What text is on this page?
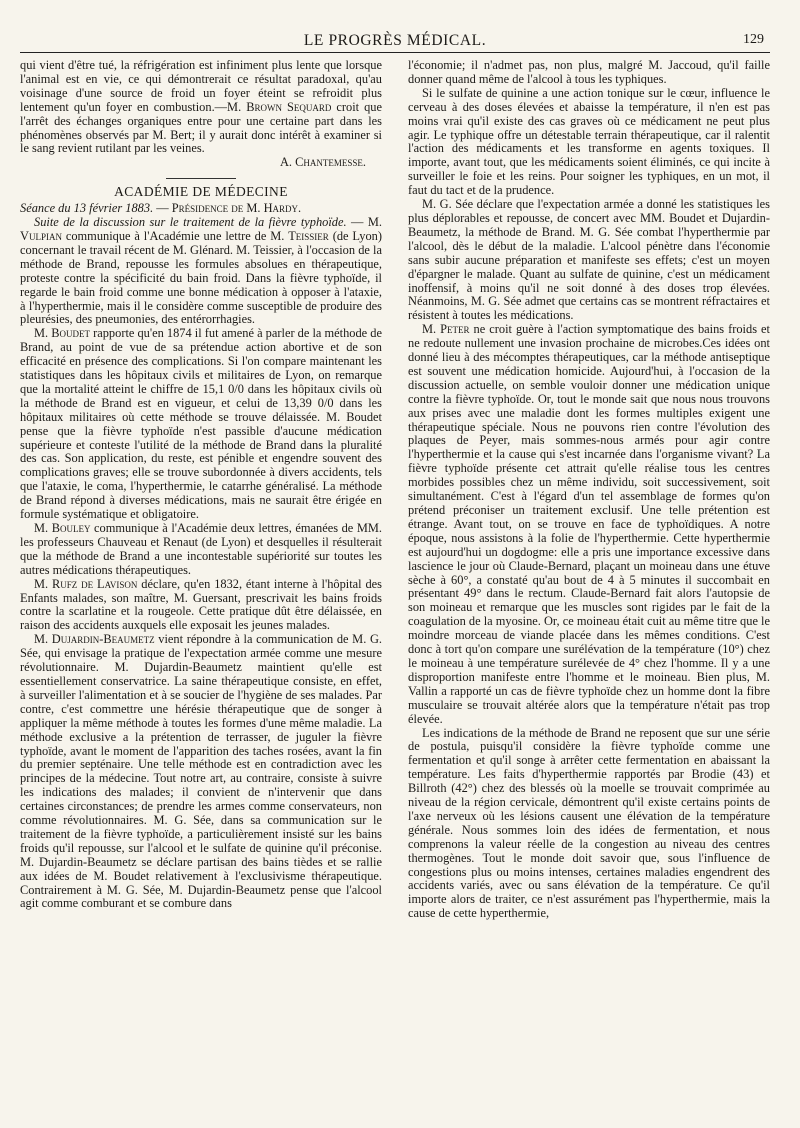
LE PROGRÈS MÉDICAL.	129

qui vient d'être tué, la réfrigération est infiniment plus lente que lorsque l'animal est en vie, ce qui démontrerait ce résultat paradoxal, qu'au voisinage d'une source de froid un foyer éteint se refroidit plus lentement qu'un foyer en combustion.—M. Brown Sequard croit que l'arrêt des échanges organiques entre pour une certaine part dans les phénomènes observés par M. Bert; il y aurait donc intérêt à examiner si le sang revient rutilant par les veines.

A. Chantemesse.

ACADÉMIE DE MÉDECINE

Séance du 13 février 1883. — Présidence de M. Hardy.

Suite de la discussion sur le traitement de la fièvre typhoïde. — M. Vulpian communique à l'Académie une lettre de M. Teissier (de Lyon) concernant le travail récent de M. Glénard. M. Teissier, à l'occasion de la méthode de Brand, repousse les formules absolues en thérapeutique, proteste contre la spécificité du bain froid. Dans la fièvre typhoïde, il regarde le bain froid comme une bonne médication à opposer à l'ataxie, à l'hyperthermie, mais il le considère comme susceptible de produire des pleurésies, des pneumonies, des entérorrhagies.

M. Boudet rapporte qu'en 1874 il fut amené à parler de la méthode de Brand, au point de vue de sa prétendue action abortive et de son efficacité en présence des complications. Si l'on compare maintenant les statistiques dans les hôpitaux civils et militaires de Lyon, on remarque que la mortalité atteint le chiffre de 15,1 0/0 dans les hôpitaux civils où la méthode de Brand est en vigueur, et celui de 13,39 0/0 dans les hôpitaux militaires où cette méthode se trouve délaissée. M. Boudet pense que la fièvre typhoïde n'est passible d'aucune médication supérieure et conteste l'utilité de la méthode de Brand dans la pluralité des cas. Son application, du reste, est pénible et engendre souvent des complications graves; elle se trouve subordonnée à divers accidents, tels que l'ataxie, le coma, l'hyperthermie, le catarrhe généralisé. La méthode de Brand répond à diverses médications, mais ne saurait être érigée en formule systématique et obligatoire.

M. Bouley communique à l'Académie deux lettres, émanées de MM. les professeurs Chauveau et Renaut (de Lyon) et desquelles il résulterait que la méthode de Brand a une incontestable supériorité sur toutes les autres médications thérapeutiques.

M. Rufz de Lavison déclare, qu'en 1832, étant interne à l'hôpital des Enfants malades, son maître, M. Guersant, prescrivait les bains froids contre la scarlatine et la rougeole. Cette pratique dût être délaissée, en raison des accidents auxquels elle exposait les jeunes malades.

M. Dujardin-Beaumetz vient répondre à la communication de M. G. Sée, qui envisage la pratique de l'expectation armée comme une mesure révolutionnaire. M. Dujardin-Beaumetz maintient qu'elle est essentiellement conservatrice. La saine thérapeutique consiste, en effet, à surveiller l'alimentation et à se soucier de l'hygiène de ses malades. Par contre, c'est commettre une hérésie thérapeutique que de songer à appliquer la même méthode à toutes les formes d'une même maladie. La méthode exclusive a la prétention de terrasser, de juguler la fièvre typhoïde, avant le moment de l'apparition des taches rosées, avant la fin du premier septénaire. Une telle méthode est en contradiction avec les principes de la médecine. Tout notre art, au contraire, consiste à suivre les indications des malades; il convient de n'intervenir que dans certaines circonstances; de prendre les armes comme conservateurs, non comme révolutionnaires. M. G. Sée, dans sa communication sur le traitement de la fièvre typhoïde, a particulièrement insisté sur les bains froids qu'il repousse, sur l'alcool et le sulfate de quinine qu'il préconise. M. Dujardin-Beaumetz se déclare partisan des bains tièdes et se rallie aux idées de M. Boudet relativement à l'exclusivisme thérapeutique. Contrairement à M. G. Sée, M. Dujardin-Beaumetz pense que l'alcool agit comme comburant et se combure dans

l'économie; il n'admet pas, non plus, malgré M. Jaccoud, qu'il faille donner quand même de l'alcool à tous les typhiques.

Si le sulfate de quinine a une action tonique sur le cœur, influence le cerveau à des doses élevées et abaisse la température, il n'en est pas moins vrai qu'il existe des cas graves où ce médicament ne peut plus agir. Le typhique offre un détestable terrain thérapeutique, car il ralentit l'action des médicaments et les transforme en agents toxiques. Il importe, avant tout, que les médicaments soient éliminés, ce qui incite à surveiller le foie et les reins. Pour soigner les typhiques, en un mot, il faut du tact et de la prudence.

M. G. Sée déclare que l'expectation armée a donné les statistiques les plus déplorables et repousse, de concert avec MM. Boudet et Dujardin-Beaumetz, la méthode de Brand. M. G. Sée combat l'hyperthermie par l'alcool, dès le début de la maladie. L'alcool pénètre dans l'économie sans subir aucune préparation et manifeste ses effets; c'est un moyen d'épargner le malade. Quant au sulfate de quinine, c'est un médicament inoffensif, à moins qu'il ne soit donné à des doses trop élevées. Néanmoins, M. G. Sée admet que certains cas se montrent réfractaires et résistent à toutes les médications.

M. Peter ne croit guère à l'action symptomatique des bains froids et ne redoute nullement une invasion prochaine de microbes.Ces idées ont donné lieu à des mécomptes thérapeutiques, car la méthode antiseptique est souvent une médication homicide. Aujourd'hui, à l'occasion de la discussion actuelle, on semble vouloir donner une médication unique contre la fièvre typhoïde. Or, tout le monde sait que nous nous trouvons aux prises avec une maladie dont les formes multiples exigent une thérapeutique spéciale. Nous ne pouvons rien contre l'évolution des plaques de Peyer, mais sommes-nous armés pour agir contre l'hyperthermie et la cause qui s'est incarnée dans l'organisme vivant? La fièvre typhoïde présente cet attrait qu'elle réalise tous les centres morbides possibles chez un même individu, soit successivement, soit simultanément. C'est à l'égard d'un tel assemblage de formes qu'on prétend préconiser un traitement exclusif. Une telle prétention est étrange. Avant tout, on se trouve en face de typhoïdiques. A notre époque, nous assistons à la folie de l'hyperthermie. Cette hyperthermie est aujourd'hui un dogdogme: elle a pris une importance excessive dans lascience le jour où Claude-Bernard, plaçant un moineau dans une étuve sèche à 60°, a constaté qu'au bout de 4 à 5 minutes il succombait en présentant 49° dans le rectum. Claude-Bernard fait alors l'autopsie de son moineau et remarque que les muscles sont rigides par le fait de la coagulation de la myosine. Or, ce moineau était cuit au même titre que le moindre morceau de viande placée dans les mêmes conditions. C'est donc à tort qu'on compare une surélévation de la température (10°) chez le moineau à une température surélevée de 4° chez l'homme. Il y a une disproportion manifeste entre l'homme et le moineau. Bien plus, M. Vallin a rapporté un cas de fièvre typhoïde chez un homme dont la fibre musculaire se trouvait altérée alors que la température n'était pas trop élevée.

Les indications de la méthode de Brand ne reposent que sur une série de postula, puisqu'il considère la fièvre typhoïde comme une fermentation et qu'il songe à arrêter cette fermentation en abaissant la température. Les faits d'hyperthermie rapportés par Brodie (43) et Billroth (42°) chez des blessés où la moelle se trouvait comprimée au niveau de la région cervicale, démontrent qu'il existe certains points de l'axe nerveux où les lésions causent une élévation de la température générale. Nous sommes loin des idées de fermentation, et nous comprenons la valeur réelle de la congestion au niveau des centres thermogènes. Tout le monde doit savoir que, sous l'influence de congestions plus ou moins intenses, certaines maladies engendrent des accidents variés, avec ou sans élévation de la température. Ce qu'il importe alors de traiter, ce n'est assurément pas l'hyperthermie, mais la cause de cette hyperthermie,
